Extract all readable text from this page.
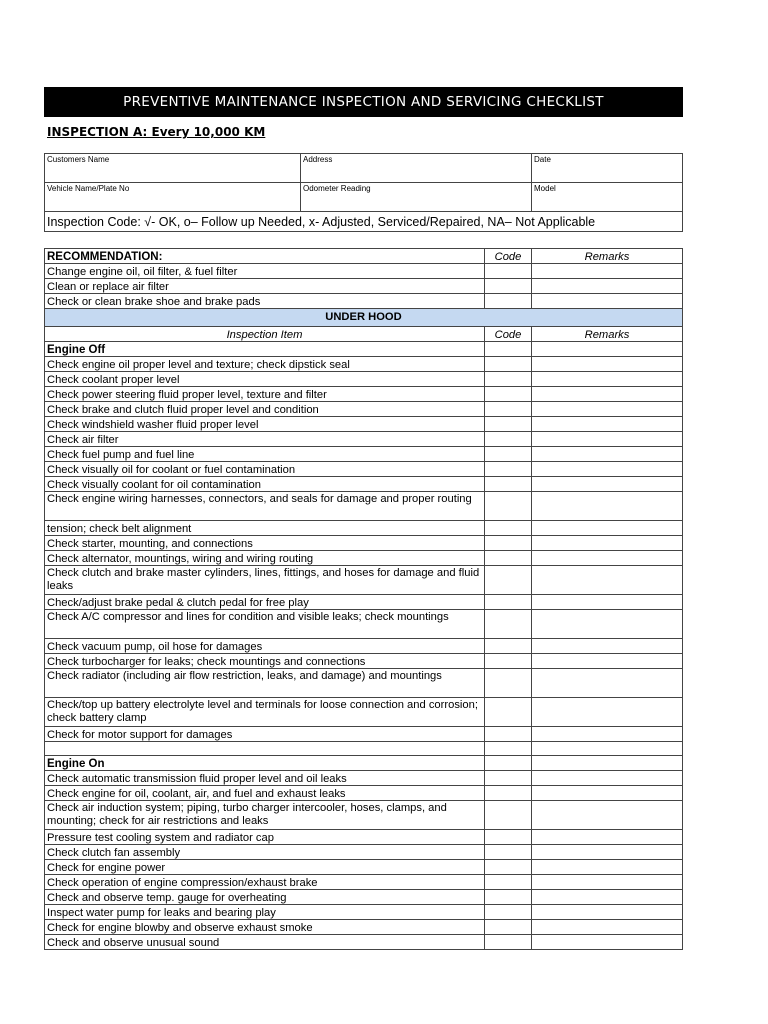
PREVENTIVE MAINTENANCE INSPECTION AND SERVICING CHECKLIST
INSPECTION A: Every 10,000 KM
Customers Name	Address	Date
Vehicle Name/Plate No	Odometer Reading	Model
Inspection Code: √- OK, o– Follow up Needed, x- Adjusted, Serviced/Repaired, NA– Not Applicable		
RECOMMENDATION:	Code	Remarks
Change engine oil, oil filter, & fuel filter		
Clean or replace air filter		
Check or clean brake shoe and brake pads		
UNDER HOOD		
Inspection Item	Code	Remarks
Engine Off		
Check engine oil proper level and texture; check dipstick seal		
Check coolant proper level		
Check power steering fluid proper level, texture and filter		
Check brake and clutch fluid proper level and condition		
Check windshield washer fluid proper level		
Check air filter		
Check fuel pump and fuel line		
Check visually oil for coolant or fuel contamination		
Check visually coolant for oil contamination		
Check engine wiring harnesses, connectors, and seals for damage and proper routing		
tension; check belt alignment		
Check starter, mounting, and connections		
Check alternator, mountings, wiring and wiring routing		
Check clutch and brake master cylinders, lines, fittings, and hoses for damage and fluid leaks		
Check/adjust brake pedal & clutch pedal for free play		
Check A/C compressor and lines for condition and visible leaks; check mountings		
Check vacuum pump, oil hose for damages		
Check turbocharger for leaks; check mountings and connections		
Check radiator (including air flow restriction, leaks, and damage) and mountings		
Check/top up battery electrolyte level and terminals for loose connection and corrosion; check battery clamp		
Check for motor support for damages		

Engine On		
Check automatic transmission fluid proper level and oil leaks		
Check engine for oil, coolant, air, and fuel and exhaust leaks		
Check air induction system; piping, turbo charger intercooler, hoses, clamps, and mounting; check for air restrictions and leaks		
Pressure test cooling system and radiator cap		
Check clutch fan assembly		
Check for engine power		
Check operation of engine compression/exhaust brake		
Check and observe temp. gauge for overheating		
Inspect water pump for leaks and bearing play		
Check for engine blowby and observe exhaust smoke		
Check and observe unusual sound		
